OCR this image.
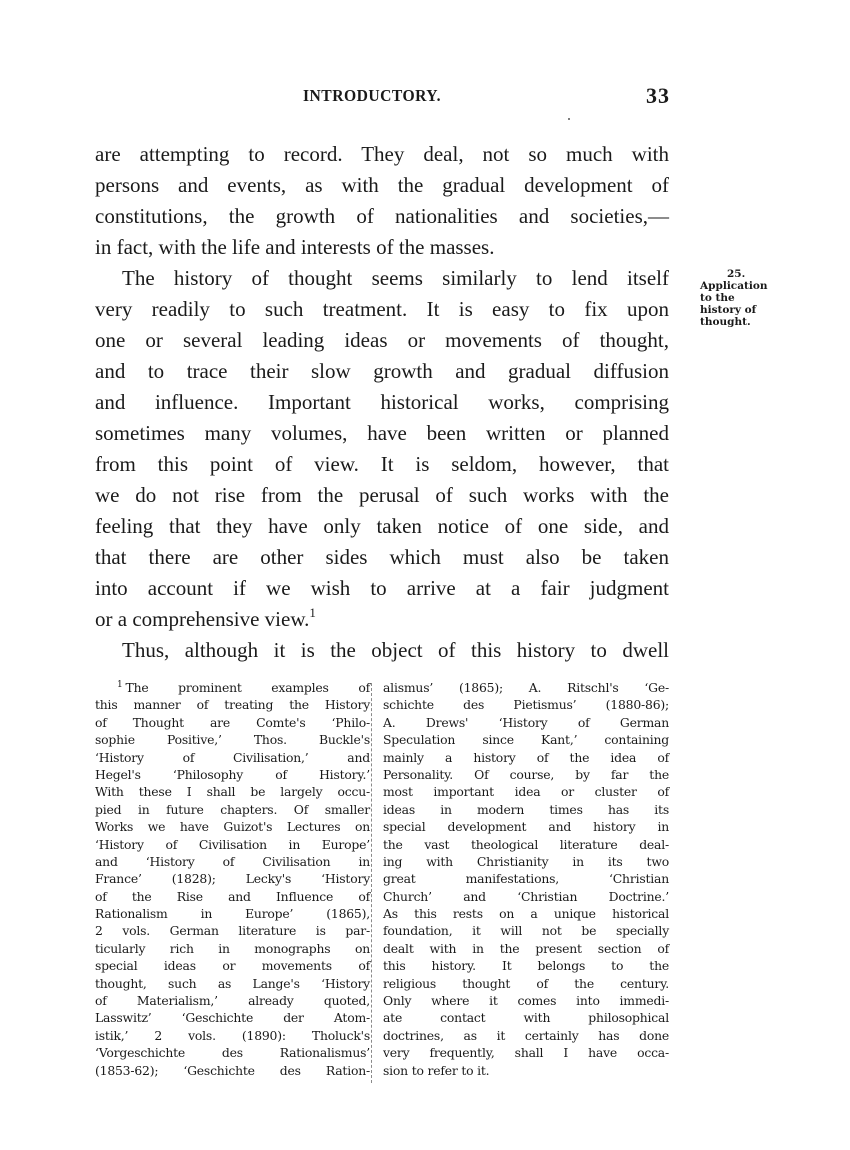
INTRODUCTORY.	33
are attempting to record. They deal, not so much with
persons and events, as with the gradual development of
constitutions, the growth of nationalities and societies,—
in fact, with the life and interests of the masses.
The history of thought seems similarly to lend itself
very readily to such treatment. It is easy to fix upon
one or several leading ideas or movements of thought,
and to trace their slow growth and gradual diffusion
and influence. Important historical works, comprising
sometimes many volumes, have been written or planned
from this point of view. It is seldom, however, that
we do not rise from the perusal of such works with the
feeling that they have only taken notice of one side, and
that there are other sides which must also be taken
into account if we wish to arrive at a fair judgment
or a comprehensive view.$^1$
Thus, although it is the object of this history to dwell
25.
Application
to the
history of
thought.
$^1$ The prominent examples of
this manner of treating the History
of Thought are Comte's ‘Philo-
sophie Positive,’ Thos. Buckle's
‘History of Civilisation,’ and
Hegel's ‘Philosophy of History.’
With these I shall be largely occu-
pied in future chapters. Of smaller
Works we have Guizot's Lectures on
‘History of Civilisation in Europe’
and ‘History of Civilisation in
France’ (1828); Lecky's ‘History
of the Rise and Influence of
Rationalism in Europe’ (1865),
2 vols. German literature is par-
ticularly rich in monographs on
special ideas or movements of
thought, such as Lange's ‘History
of Materialism,’ already quoted,
Lasswitz’ ‘Geschichte der Atom-
istik,’ 2 vols. (1890): Tholuck's
‘Vorgeschichte des Rationalismus’
(1853-62); ‘Geschichte des Ration-
alismus’ (1865); A. Ritschl's ‘Ge-
schichte des Pietismus’ (1880-86);
A. Drews' ‘History of German
Speculation since Kant,’ containing
mainly a history of the idea of
Personality. Of course, by far the
most important idea or cluster of
ideas in modern times has its
special development and history in
the vast theological literature deal-
ing with Christianity in its two
great manifestations, ‘Christian
Church’ and ‘Christian Doctrine.’
As this rests on a unique historical
foundation, it will not be specially
dealt with in the present section of
this history. It belongs to the
religious thought of the century.
Only where it comes into immedi-
ate contact with philosophical
doctrines, as it certainly has done
very frequently, shall I have occa-
sion to refer to it.
